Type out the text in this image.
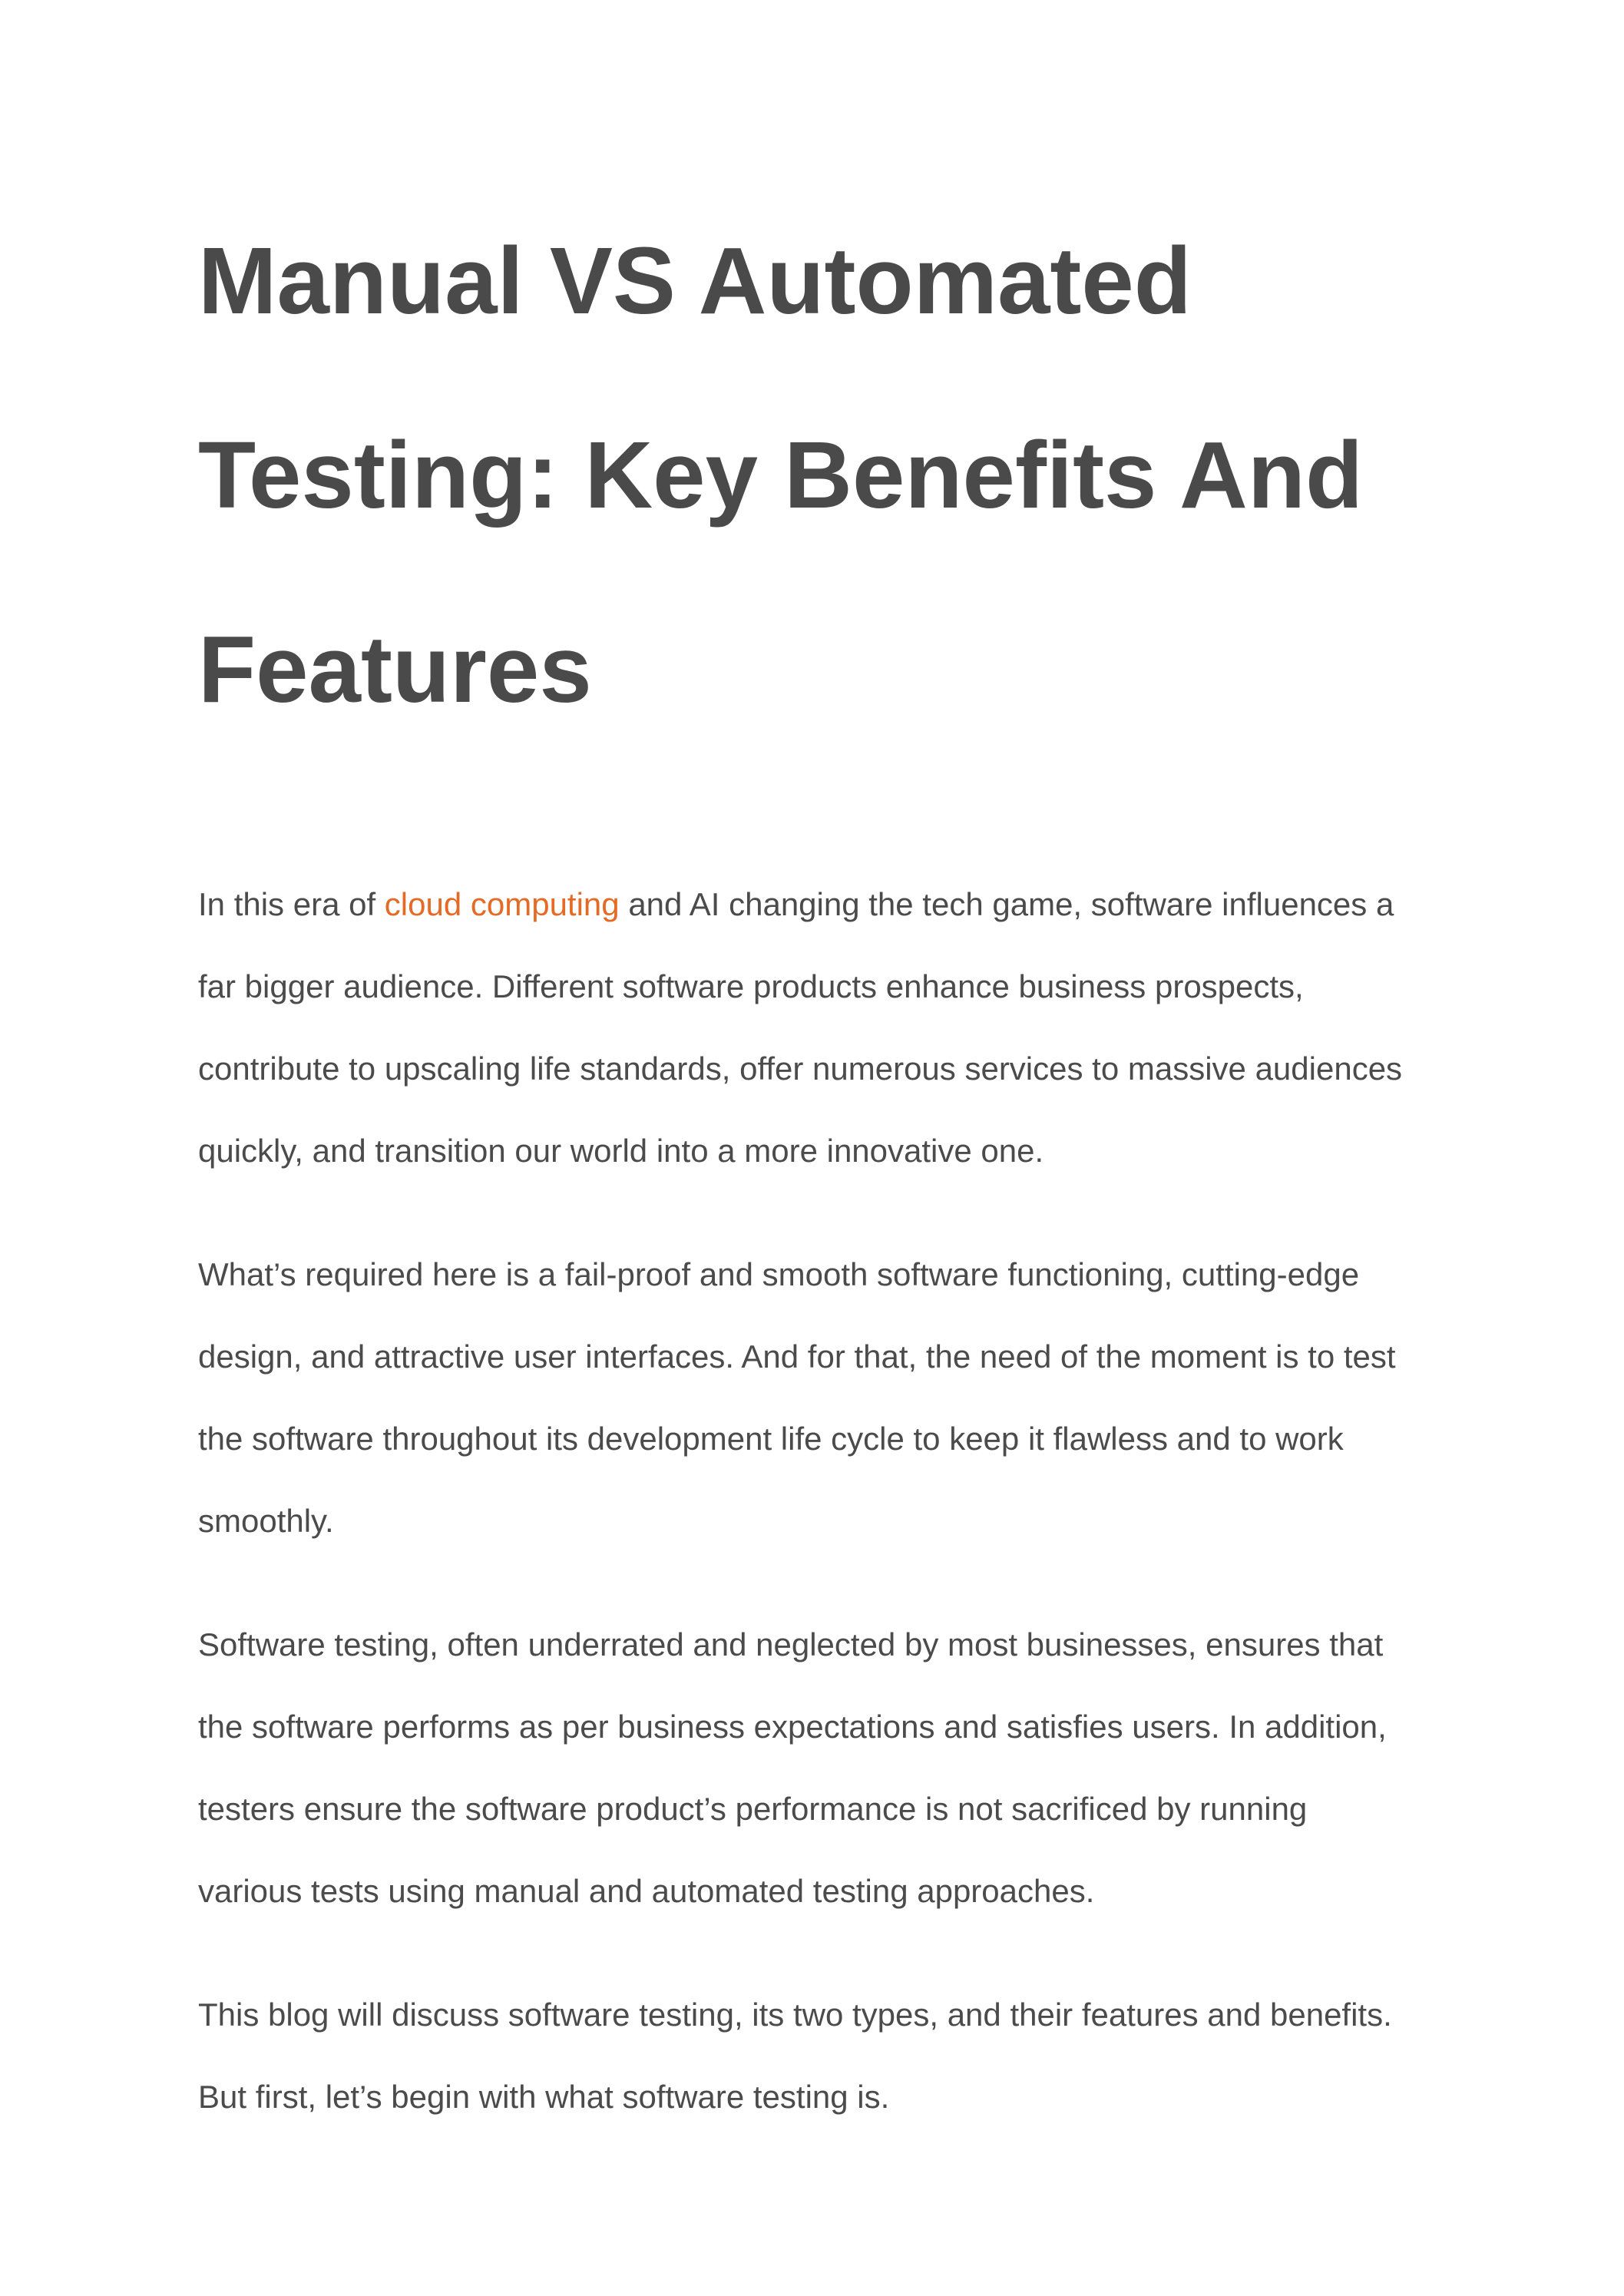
Manual VS Automated
Testing: Key Benefits And
Features

In this era of cloud computing and AI changing the tech game, software influences a
far bigger audience. Different software products enhance business prospects,
contribute to upscaling life standards, offer numerous services to massive audiences
quickly, and transition our world into a more innovative one.

What’s required here is a fail-proof and smooth software functioning, cutting-edge
design, and attractive user interfaces. And for that, the need of the moment is to test
the software throughout its development life cycle to keep it flawless and to work
smoothly.

Software testing, often underrated and neglected by most businesses, ensures that
the software performs as per business expectations and satisfies users. In addition,
testers ensure the software product’s performance is not sacrificed by running
various tests using manual and automated testing approaches.

This blog will discuss software testing, its two types, and their features and benefits.
But first, let’s begin with what software testing is.
